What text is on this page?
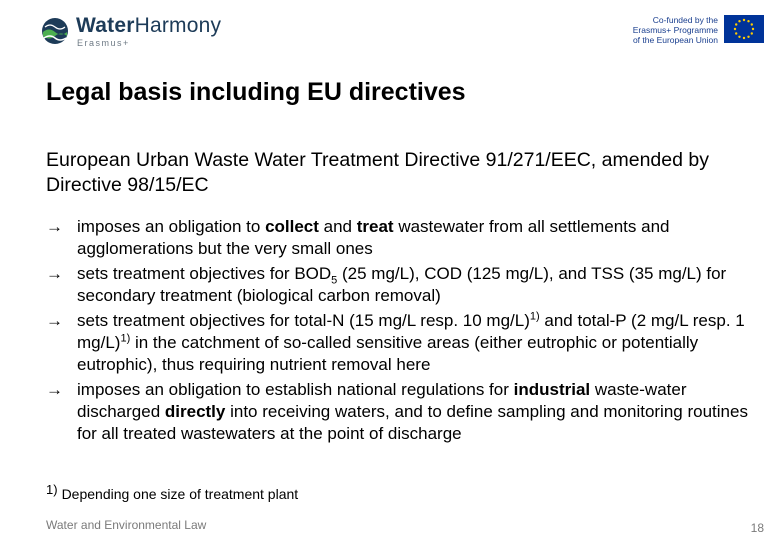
WaterHarmony
Erasmus+
Co-funded by the
Erasmus+ Programme
of the European Union
Legal basis including EU directives

European Urban Waste Water Treatment Directive 91/271/EEC, amended by Directive 98/15/EC

→ imposes an obligation to collect and treat wastewater from all settlements and agglomerations but the very small ones
→ sets treatment objectives for $BOD_5$ (25 mg/L), COD (125 mg/L), and TSS (35 mg/L) for secondary treatment (biological carbon removal)
→ sets treatment objectives for total-N (15 mg/L resp. 10 mg/L)$^{1)}$ and total-P (2 mg/L resp. 1 mg/L)$^{1)}$ in the catchment of so-called sensitive areas (either eutrophic or potentially eutrophic), thus requiring nutrient removal here
→ imposes an obligation to establish national regulations for industrial waste-water discharged directly into receiving waters, and to define sampling and monitoring routines for all treated wastewaters at the point of discharge
1) Depending one size of treatment plant
Water and Environmental Law	18
